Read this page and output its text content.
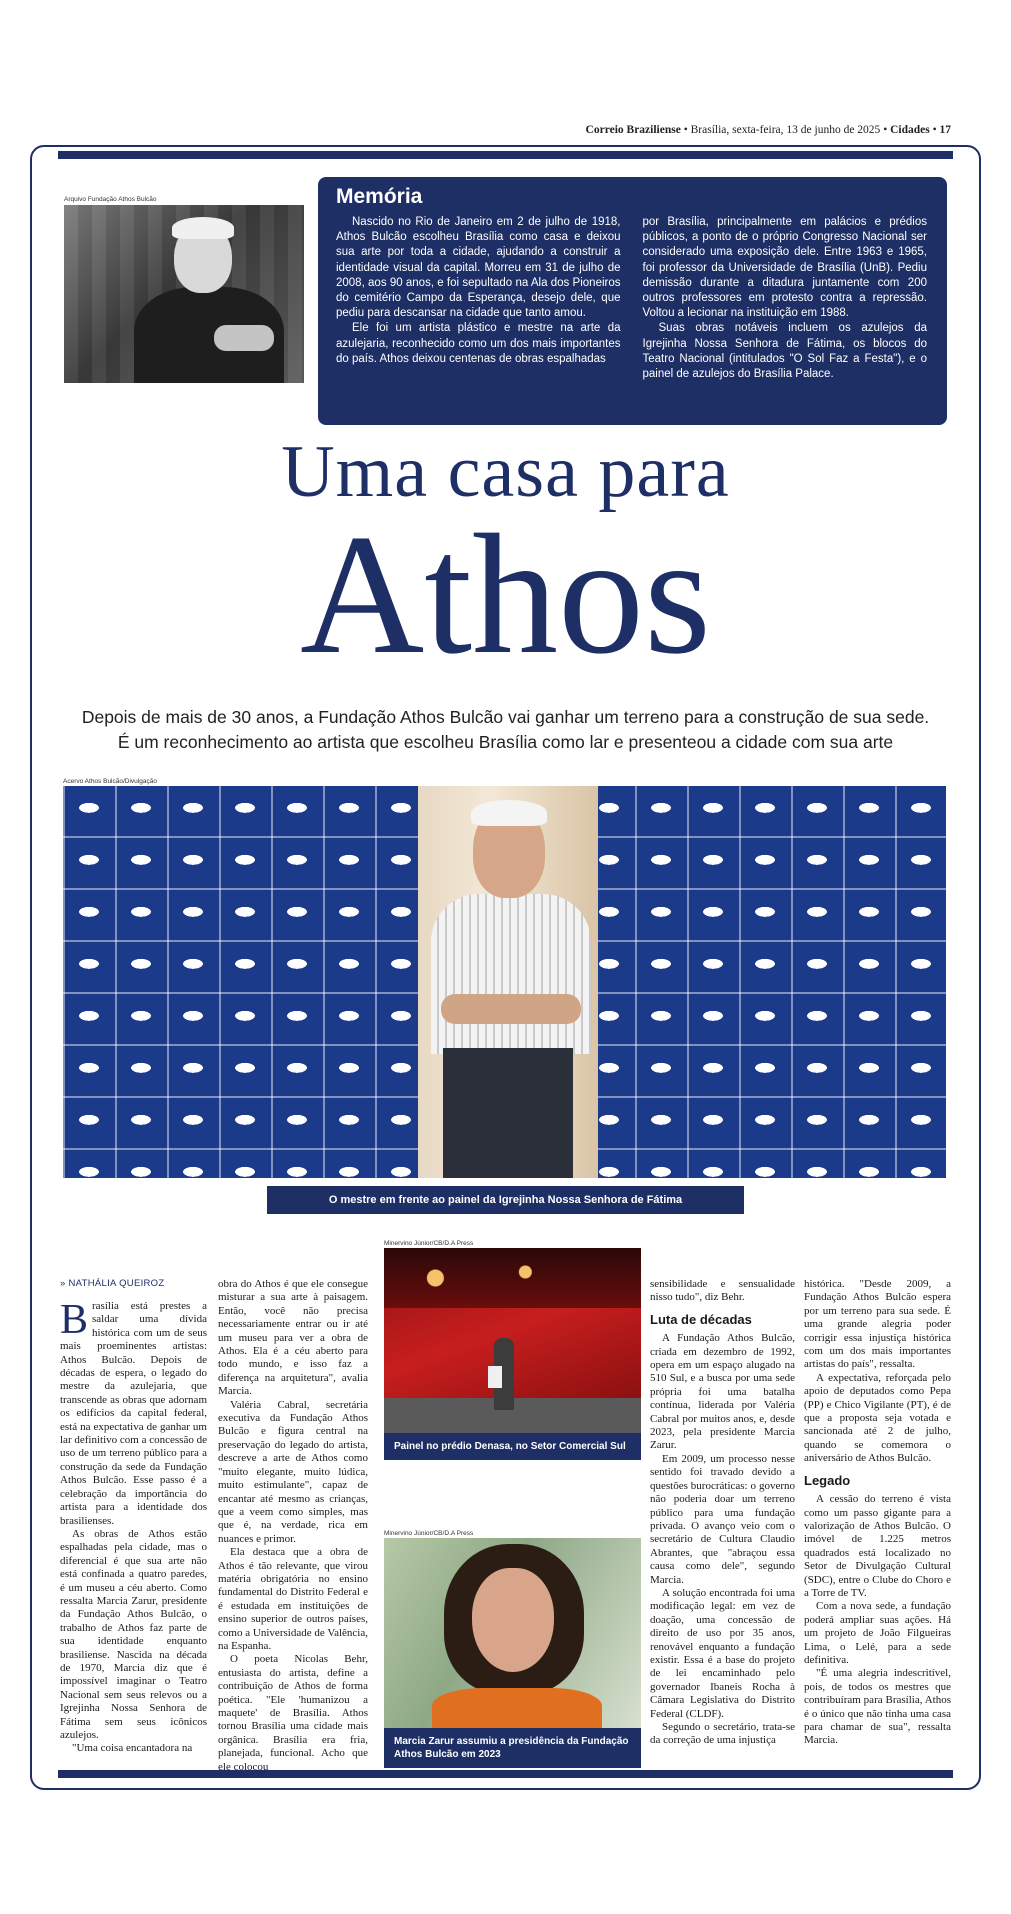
Correio Braziliense • Brasília, sexta-feira, 13 de junho de 2025 • Cidades • 17
Arquivo Fundação Athos Bulcão	Memória

Nascido no Rio de Janeiro em 2 de julho de 1918, Athos Bulcão escolheu Brasília como casa e deixou sua arte por toda a cidade, ajudando a construir a identidade visual da capital. Morreu em 31 de julho de 2008, aos 90 anos, e foi sepultado na Ala dos Pioneiros do cemitério Campo da Esperança, desejo dele, que pediu para descansar na cidade que tanto amou.

Ele foi um artista plástico e mestre na arte da azulejaria, reconhecido como um dos mais importantes do país. Athos deixou centenas de obras espalhadas

por Brasília, principalmente em palácios e prédios públicos, a ponto de o próprio Congresso Nacional ser considerado uma exposição dele. Entre 1963 e 1965, foi professor da Universidade de Brasília (UnB). Pediu demissão durante a ditadura juntamente com 200 outros professores em protesto contra a repressão. Voltou a lecionar na instituição em 1988.

Suas obras notáveis incluem os azulejos da Igrejinha Nossa Senhora de Fátima, os blocos do Teatro Nacional (intitulados "O Sol Faz a Festa"), e o painel de azulejos do Brasília Palace.

Uma casa para
Athos
Depois de mais de 30 anos, a Fundação Athos Bulcão vai ganhar um terreno para a construção de sua sede.
É um reconhecimento ao artista que escolheu Brasília como lar e presenteou a cidade com sua arte
Acervo Athos Bulcão/Divulgação
O mestre em frente ao painel da Igrejinha Nossa Senhora de Fátima
» NATHÁLIA QUEIROZ

Brasília está prestes a saldar uma dívida histórica com um de seus mais proeminentes artistas: Athos Bulcão. Depois de décadas de espera, o legado do mestre da azulejaria, que transcende as obras que adornam os edifícios da capital federal, está na expectativa de ganhar um lar definitivo com a concessão de uso de um terreno público para a construção da sede da Fundação Athos Bulcão. Esse passo é a celebração da importância do artista para a identidade dos brasilienses.

As obras de Athos estão espalhadas pela cidade, mas o diferencial é que sua arte não está confinada a quatro paredes, é um museu a céu aberto. Como ressalta Marcia Zarur, presidente da Fundação Athos Bulcão, o trabalho de Athos faz parte de sua identidade enquanto brasiliense. Nascida na década de 1970, Marcia diz que é impossível imaginar o Teatro Nacional sem seus relevos ou a Igrejinha Nossa Senhora de Fátima sem seus icônicos azulejos.

"Uma coisa encantadora na

obra do Athos é que ele consegue misturar a sua arte à paisagem. Então, você não precisa necessariamente entrar ou ir até um museu para ver a obra de Athos. Ela é a céu aberto para todo mundo, e isso faz a diferença na arquitetura", avalia Marcia.

Valéria Cabral, secretária executiva da Fundação Athos Bulcão e figura central na preservação do legado do artista, descreve a arte de Athos como "muito elegante, muito lúdica, muito estimulante", capaz de encantar até mesmo as crianças, que a veem como simples, mas que é, na verdade, rica em nuances e primor.

Ela destaca que a obra de Athos é tão relevante, que virou matéria obrigatória no ensino fundamental do Distrito Federal e é estudada em instituições de ensino superior de outros países, como a Universidade de Valência, na Espanha.

O poeta Nicolas Behr, entusiasta do artista, define a contribuição de Athos de forma poética. "Ele 'humanizou a maquete' de Brasília. Athos tornou Brasília uma cidade mais orgânica. Brasília era fria, planejada, funcional. Acho que ele colocou

Minervino Júnior/CB/D.A Press
Painel no prédio Denasa, no Setor Comercial Sul
Minervino Júnior/CB/D.A Press
Marcia Zarur assumiu a presidência da Fundação Athos Bulcão em 2023

sensibilidade e sensualidade nisso tudo", diz Behr.

Luta de décadas

A Fundação Athos Bulcão, criada em dezembro de 1992, opera em um espaço alugado na 510 Sul, e a busca por uma sede própria foi uma batalha contínua, liderada por Valéria Cabral por muitos anos, e, desde 2023, pela presidente Marcia Zarur.

Em 2009, um processo nesse sentido foi travado devido a questões burocráticas: o governo não poderia doar um terreno público para uma fundação privada. O avanço veio com o secretário de Cultura Claudio Abrantes, que "abraçou essa causa como dele", segundo Marcia.

A solução encontrada foi uma modificação legal: em vez de doação, uma concessão de direito de uso por 35 anos, renovável enquanto a fundação existir. Essa é a base do projeto de lei encaminhado pelo governador Ibaneis Rocha à Câmara Legislativa do Distrito Federal (CLDF).

Segundo o secretário, trata-se da correção de uma injustiça

histórica. "Desde 2009, a Fundação Athos Bulcão espera por um terreno para sua sede. É uma grande alegria poder corrigir essa injustiça histórica com um dos mais importantes artistas do país", ressalta.

A expectativa, reforçada pelo apoio de deputados como Pepa (PP) e Chico Vigilante (PT), é de que a proposta seja votada e sancionada até 2 de julho, quando se comemora o aniversário de Athos Bulcão.

Legado

A cessão do terreno é vista como um passo gigante para a valorização de Athos Bulcão. O imóvel de 1.225 metros quadrados está localizado no Setor de Divulgação Cultural (SDC), entre o Clube do Choro e a Torre de TV.

Com a nova sede, a fundação poderá ampliar suas ações. Há um projeto de João Filgueiras Lima, o Lelé, para a sede definitiva.

"É uma alegria indescritível, pois, de todos os mestres que contribuíram para Brasília, Athos é o único que não tinha uma casa para chamar de sua", ressalta Marcia.
